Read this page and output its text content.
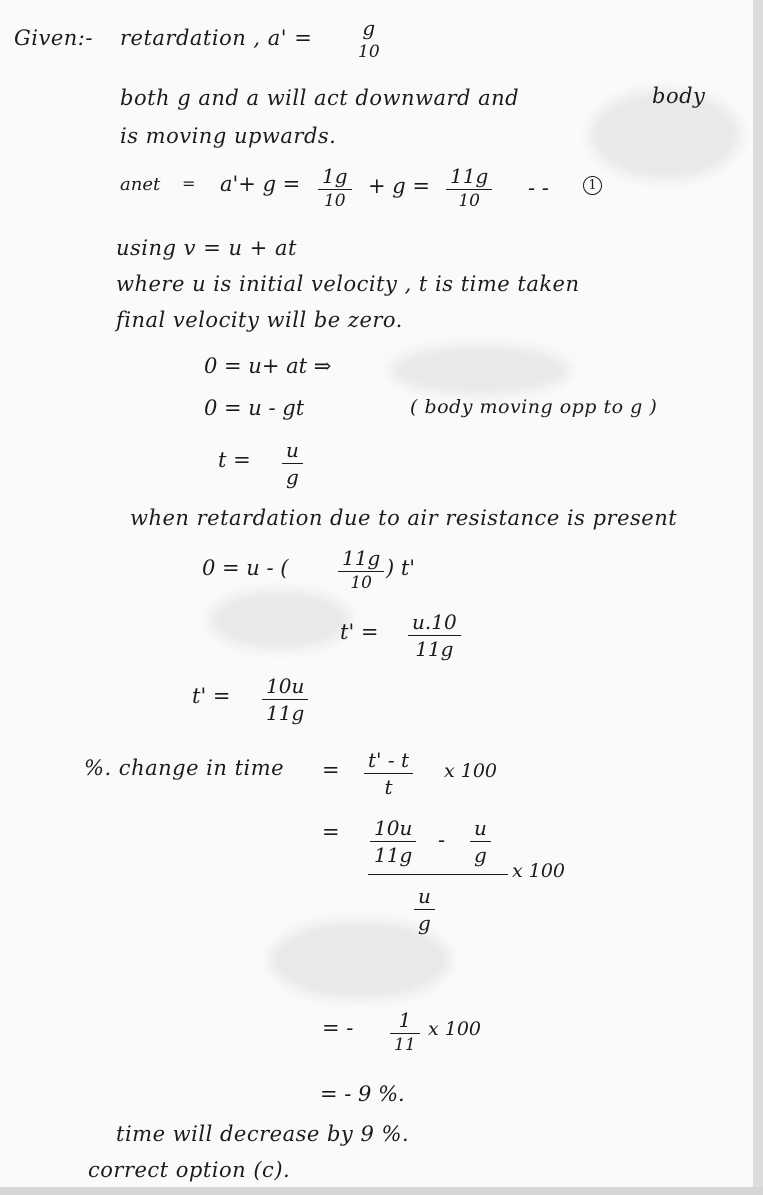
Given:- retardation , a' =	g
10
both g and a will act downward and	body
is moving upwards.
anet = $a'+ g = \frac{1g}{10} + g = \frac{11g}{10}$ - -	1
using v = u + at
where u is initial velocity , t is time taken
final velocity will be zero.
0 = u+ at ⇒
0 = u - gt	( body moving opp to g )
$t = \frac{u}{g}$
when retardation due to air resistance is present
0 = u - ( $\frac{11g}{10}$ ) t'
$t' = \frac{u.10}{11g}$
$t' = \frac{10u}{11g}$
%. change in time = $\frac{t' - t}{t}$ x 100
= $\frac{10u}{11g} - \frac{u}{g}$
x 100
$\frac{u}{g}$
= - $\frac{1}{11}$ x 100
= - 9 %.
time will decrease by 9 %.
correct option (c).
